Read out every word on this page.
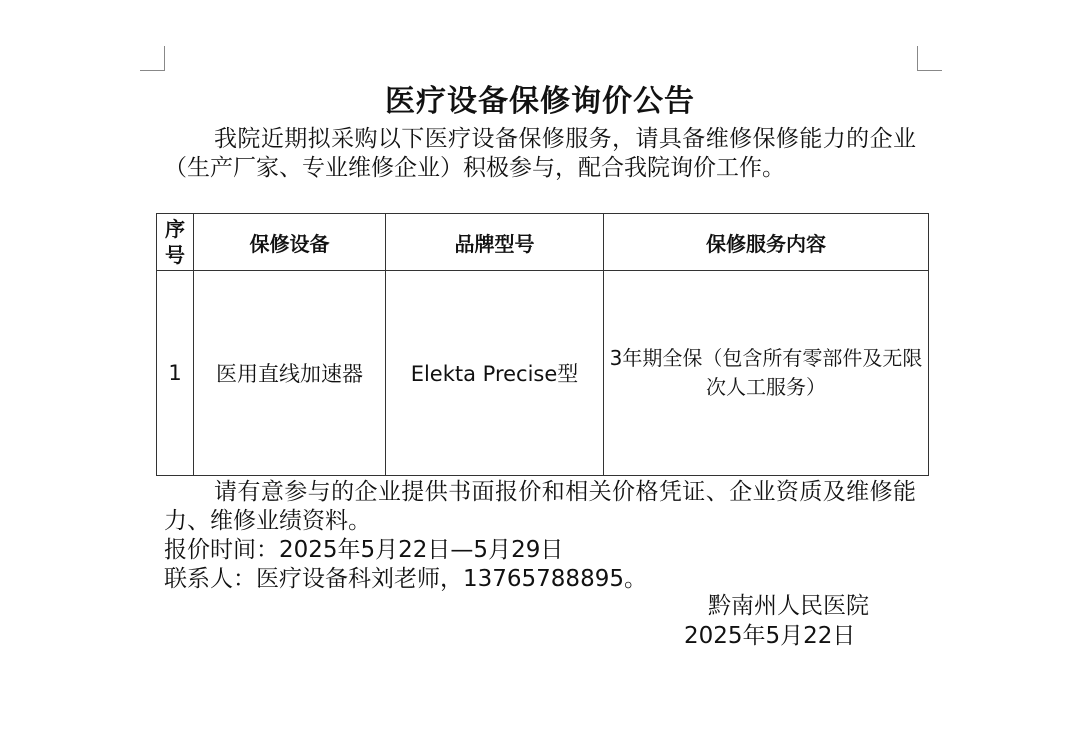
医疗设备保修询价公告
我院近期拟采购以下医疗设备保修服务，请具备维修保修能力的企业（生产厂家、专业维修企业）积极参与，配合我院询价工作。
序号	保修设备	品牌型号	保修服务内容
1	医用直线加速器	Elekta Precise型	3年期全保（包含所有零部件及无限次人工服务）
请有意参与的企业提供书面报价和相关价格凭证、企业资质及维修能力、维修业绩资料。
报价时间：2025年5月22日—5月29日
联系人：医疗设备科刘老师，13765788895。
黔南州人民医院
2025年5月22日
